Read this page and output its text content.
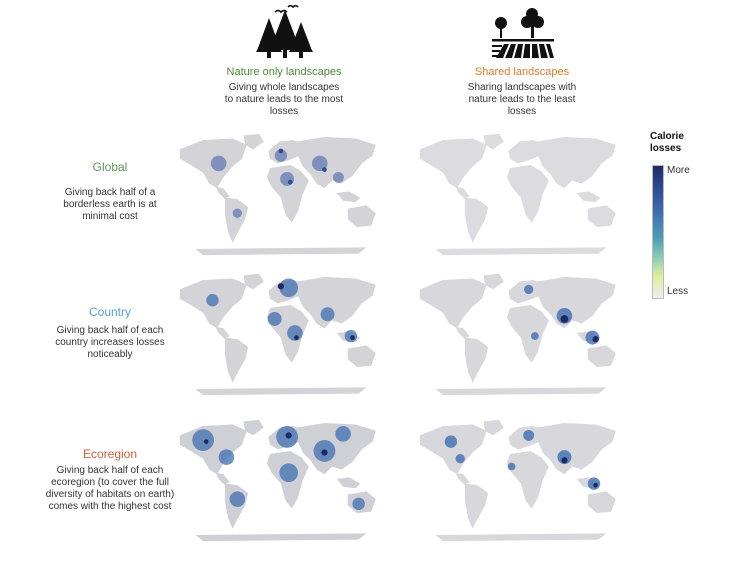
Nature only landscapes
Giving whole landscapes to nature leads to the most losses
Shared landscapes
Sharing landscapes with nature leads to the least losses
Global
Giving back half of a borderless earth is at minimal cost
Country
Giving back half of each country increases losses noticeably
Ecoregion
Giving back half of each ecoregion (to cover the full diversity of habitats on earth) comes with the highest cost
Calorie
losses
More
Less
